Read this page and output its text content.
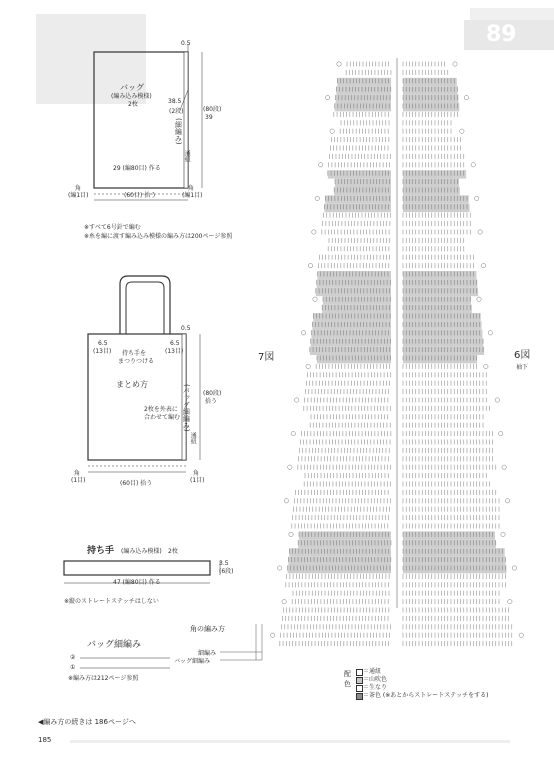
89
バッグ
(編み込み模様)
2枚
0.5
38.5
(80段)
39
(2段)
(細編み)
通紐
29 (編80目) 作る
(60目) 拾う
角
(編1目)
角
(編1目)
※すべて6号針で編む
※糸を編に渡す編み込み模様の編み方は200ページ参照
6.5
(13目)
6.5
(13目)
持ち手を
まつりつける
まとめ方
2枚を外表に
合わせて編む
0.5
(バッグ細編み)
通紐
(80段)
拾う
(60目) 拾う
角
(1目)
角
(1目)
持ち手 (編み込み模様) 2枚
47 (編80目) 作る
3.5
(6段)
※縦のストレートステッチはしない
バッグ細編み
①
②
※編み方は212ページ参照
角の編み方
細編み
バッグ細編み
7図	6図
袖下
配
色
＝通紐
＝山吹色
＝生なり
＝茶色 (※あとからストレートステッチをする)
◀編み方の続きは 186ページへ
185
